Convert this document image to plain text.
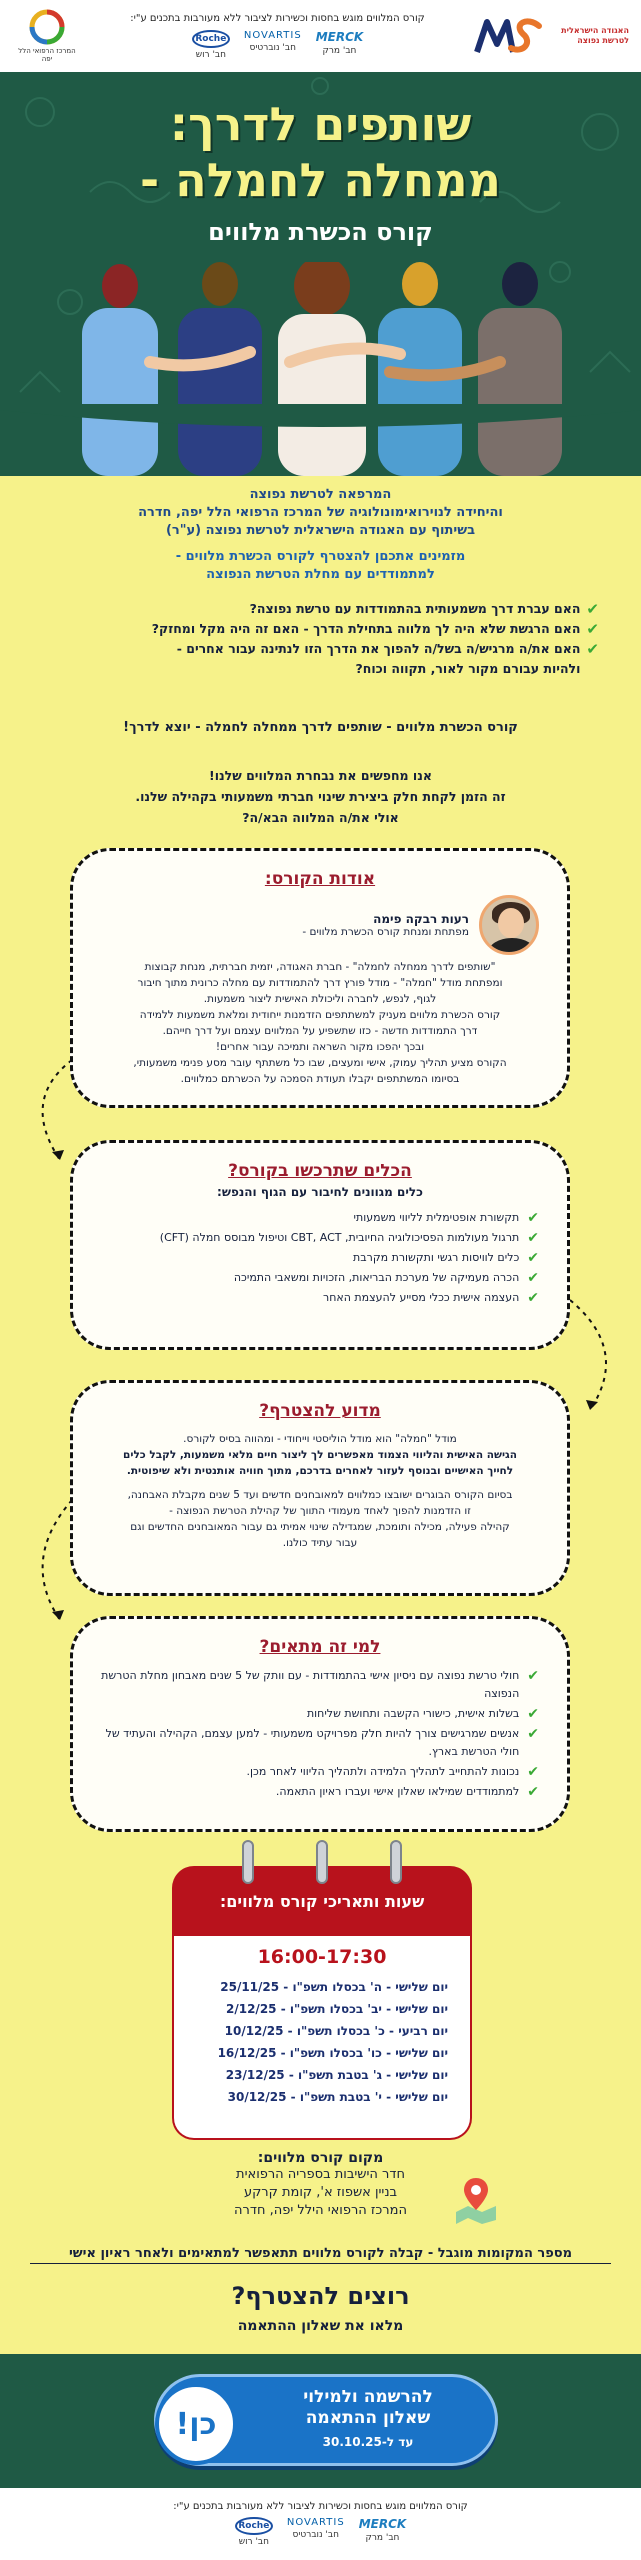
האגודה הישראלית לטרשת נפוצה
קורס המלווים מוגש בחסות וכשירות לציבור ללא מעורבות בתכנים ע"י:
MERCK
חב' מרק
NOVARTIS
חב' נוברטיס
Roche
חב' רוש
המרכז הרפואי הלל יפה
שותפים לדרך:
ממחלה לחמלה -
קורס הכשרת מלווים
המרפאה לטרשת נפוצה
והיחידה לנוירואימונולוגיה של המרכז הרפואי הלל יפה, חדרה
בשיתוף עם האגודה הישראלית לטרשת נפוצה (ע"ר)
מזמינים אתכםן להצטרף לקורס הכשרת מלווים -
למתמודדים עם מחלת הטרשת הנפוצה
✔
האם עברת דרך משמעותית בהתמודדות עם טרשת נפוצה?
✔
האם הרגשת שלא היה לך מלווה בתחילת הדרך - האם זה היה מקל ומחזק?
✔
האם את/ה מרגיש/ה בשל/ה להפוך את הדרך הזו לנתינה עבור אחרים -
ולהיות עבורם מקור לאור, תקווה וכוח?
קורס הכשרת מלווים - שותפים לדרך ממחלה לחמלה - יוצא לדרך!
אנו מחפשים את נבחרת המלווים שלנו!
זה הזמן לקחת חלק ביצירת שינוי חברתי משמעותי בקהילה שלנו.
אולי את/ה המלווה הבא/ה?
אודות הקורס:
רעות רבקה פימה
מפתחת ומנחת קורס הכשרת מלווים -
"שותפים לדרך ממחלה לחמלה" - חברת האגודה, יזמית חברתית, מנחת קבוצות
ומפתחת מודל "חמלה" - מודל פורץ דרך להתמודדות עם מחלה כרונית מתוך חיבור
לגוף, לנפש, לחברה וליכולת האישית ליצור משמעות.
קורס הכשרת מלווים מעניק למשתתפים הזדמנות ייחודית ומלאת משמעות ללמידה
דרך התמודדות חדשה - כזו שתשפיע על המלווים עצמם ועל דרך חייהם.
ובכך יהפכו מקור השראה ותמיכה עבור אחרים!
הקורס מציע תהליך עמוק, אישי ומעצים, שבו כל משתתף עובר מסע פנימי משמעותי,
בסיומו המשתתפים יקבלו תעודת הסמכה על הכשרתם כמלווים.
הכלים שתרכשו בקורס?
כלים מגוונים לחיבור עם הגוף והנפש:
✔
תקשורת אופטימלית לליווי משמעותי
✔
תרגול מעולמות הפסיכולוגיה החיובית, CBT, ACT וטיפול מבוסס חמלה (CFT)
✔
כלים לוויסות רגשי ותקשורת מקרבת
✔
הכרה מעמיקה של מערכת הבריאות, הזכויות ומשאבי התמיכה
✔
העצמה אישית ככלי מסייע להעצמת האחר
מדוע להצטרף?
מודל "חמלה" הוא מודל הוליסטי וייחודי - ומהווה בסיס לקורס.
הגישה האישית והליווי הצמוד מאפשרים לך ליצור חיים מלאי משמעות, לקבל כלים
לחייך האישיים ובנוסף לעזור לאחרים בדרכם, מתוך חוויה אותנטית ולא שיפוטית.
בסיום הקורס הבוגרים ישובצו כמלווים למאובחנים חדשים ועד 5 שנים מקבלת האבחנה,
זו הזדמנות להפוך לאחד מעמודי התווך של קהילת הטרשת הנפוצה -
קהילה פעילה, מכילה ותומכת, שמגדילה שינוי אמיתי גם עבור המאובחנים החדשים וגם
עבור עתיד כולנו.
למי זה מתאים?
✔
חולי טרשת נפוצה עם ניסיון אישי בהתמודדות - עם וותק של 5 שנים מאבחון מחלת הטרשת הנפוצה
✔
בשלות אישית, כישורי הקשבה ותחושת שליחות
✔
אנשים שמרגישים צורך להיות חלק מפרויקט משמעותי - למען עצמם, הקהילה והעתיד של חולי הטרשת בארץ.
✔
נכונות להתחייב לתהליך הלמידה ולתהליך הליווי לאחר מכן.
✔
למתמודדים שמילאו שאלון אישי ועברו ראיון התאמה.
שעות ותאריכי קורס מלווים:
16:00-17:30
יום שלישי - ה' בכסלו תשפ"ו - 25/11/25
יום שלישי - יב' בכסלו תשפ"ו - 2/12/25
יום רביעי - כ' בכסלו תשפ"ו - 10/12/25
יום שלישי - כו' בכסלו תשפ"ו - 16/12/25
יום שלישי - ג' בטבת תשפ"ו - 23/12/25
יום שלישי - י' בטבת תשפ"ו - 30/12/25
מקום קורס מלווים:
חדר הישיבות בספריה הרפואית
בניין אשפוז א', קומת קרקע
המרכז הרפואי הילל יפה, חדרה
מספר המקומות מוגבל - קבלה לקורס מלווים תתאפשר למתאימים ולאחר ראיון אישי
רוצים להצטרף?
מלאו את שאלון ההתאמה
כן!
להרשמה ולמילוי
שאלון ההתאמה
עד ל-30.10.25
קורס המלווים מוגש בחסות וכשירות לציבור ללא מעורבות בתכנים ע"י:
MERCK
חב' מרק
NOVARTIS
חב' נוברטיס
Roche
חב' רוש
